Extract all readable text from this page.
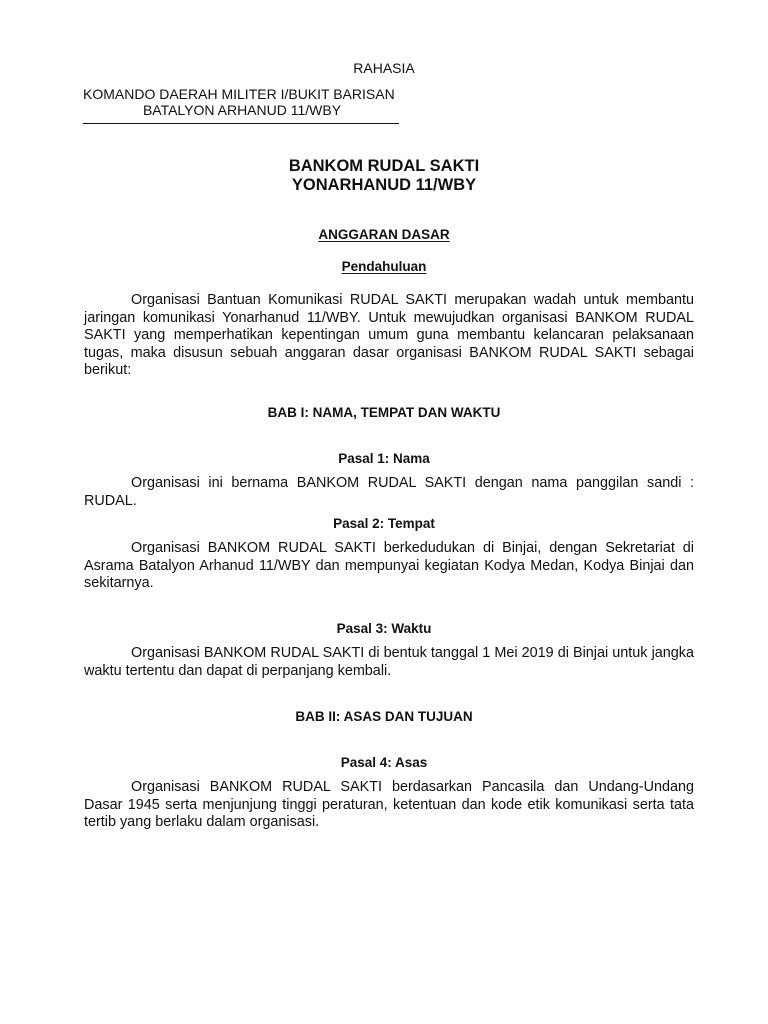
RAHASIA
KOMANDO DAERAH MILITER I/BUKIT BARISAN
BATALYON ARHANUD 11/WBY
BANKOM RUDAL SAKTI
YONARHANUD 11/WBY
ANGGARAN DASAR
Pendahuluan
Organisasi Bantuan Komunikasi RUDAL SAKTI merupakan wadah untuk membantu jaringan komunikasi Yonarhanud 11/WBY. Untuk mewujudkan organisasi BANKOM RUDAL SAKTI yang memperhatikan kepentingan umum guna membantu kelancaran pelaksanaan tugas, maka disusun sebuah anggaran dasar organisasi BANKOM RUDAL SAKTI sebagai berikut:
BAB I: NAMA, TEMPAT DAN WAKTU
Pasal 1: Nama
Organisasi ini bernama BANKOM RUDAL SAKTI dengan nama panggilan sandi : RUDAL.
Pasal 2: Tempat
Organisasi BANKOM RUDAL SAKTI berkedudukan di Binjai, dengan Sekretariat di Asrama Batalyon Arhanud 11/WBY dan mempunyai kegiatan Kodya Medan, Kodya Binjai dan sekitarnya.
Pasal 3: Waktu
Organisasi BANKOM RUDAL SAKTI di bentuk tanggal 1 Mei 2019 di Binjai untuk jangka waktu tertentu dan dapat di perpanjang kembali.
BAB II: ASAS DAN TUJUAN
Pasal 4: Asas
Organisasi BANKOM RUDAL SAKTI berdasarkan Pancasila dan Undang-Undang Dasar 1945 serta menjunjung tinggi peraturan, ketentuan dan kode etik komunikasi serta tata tertib yang berlaku dalam organisasi.
